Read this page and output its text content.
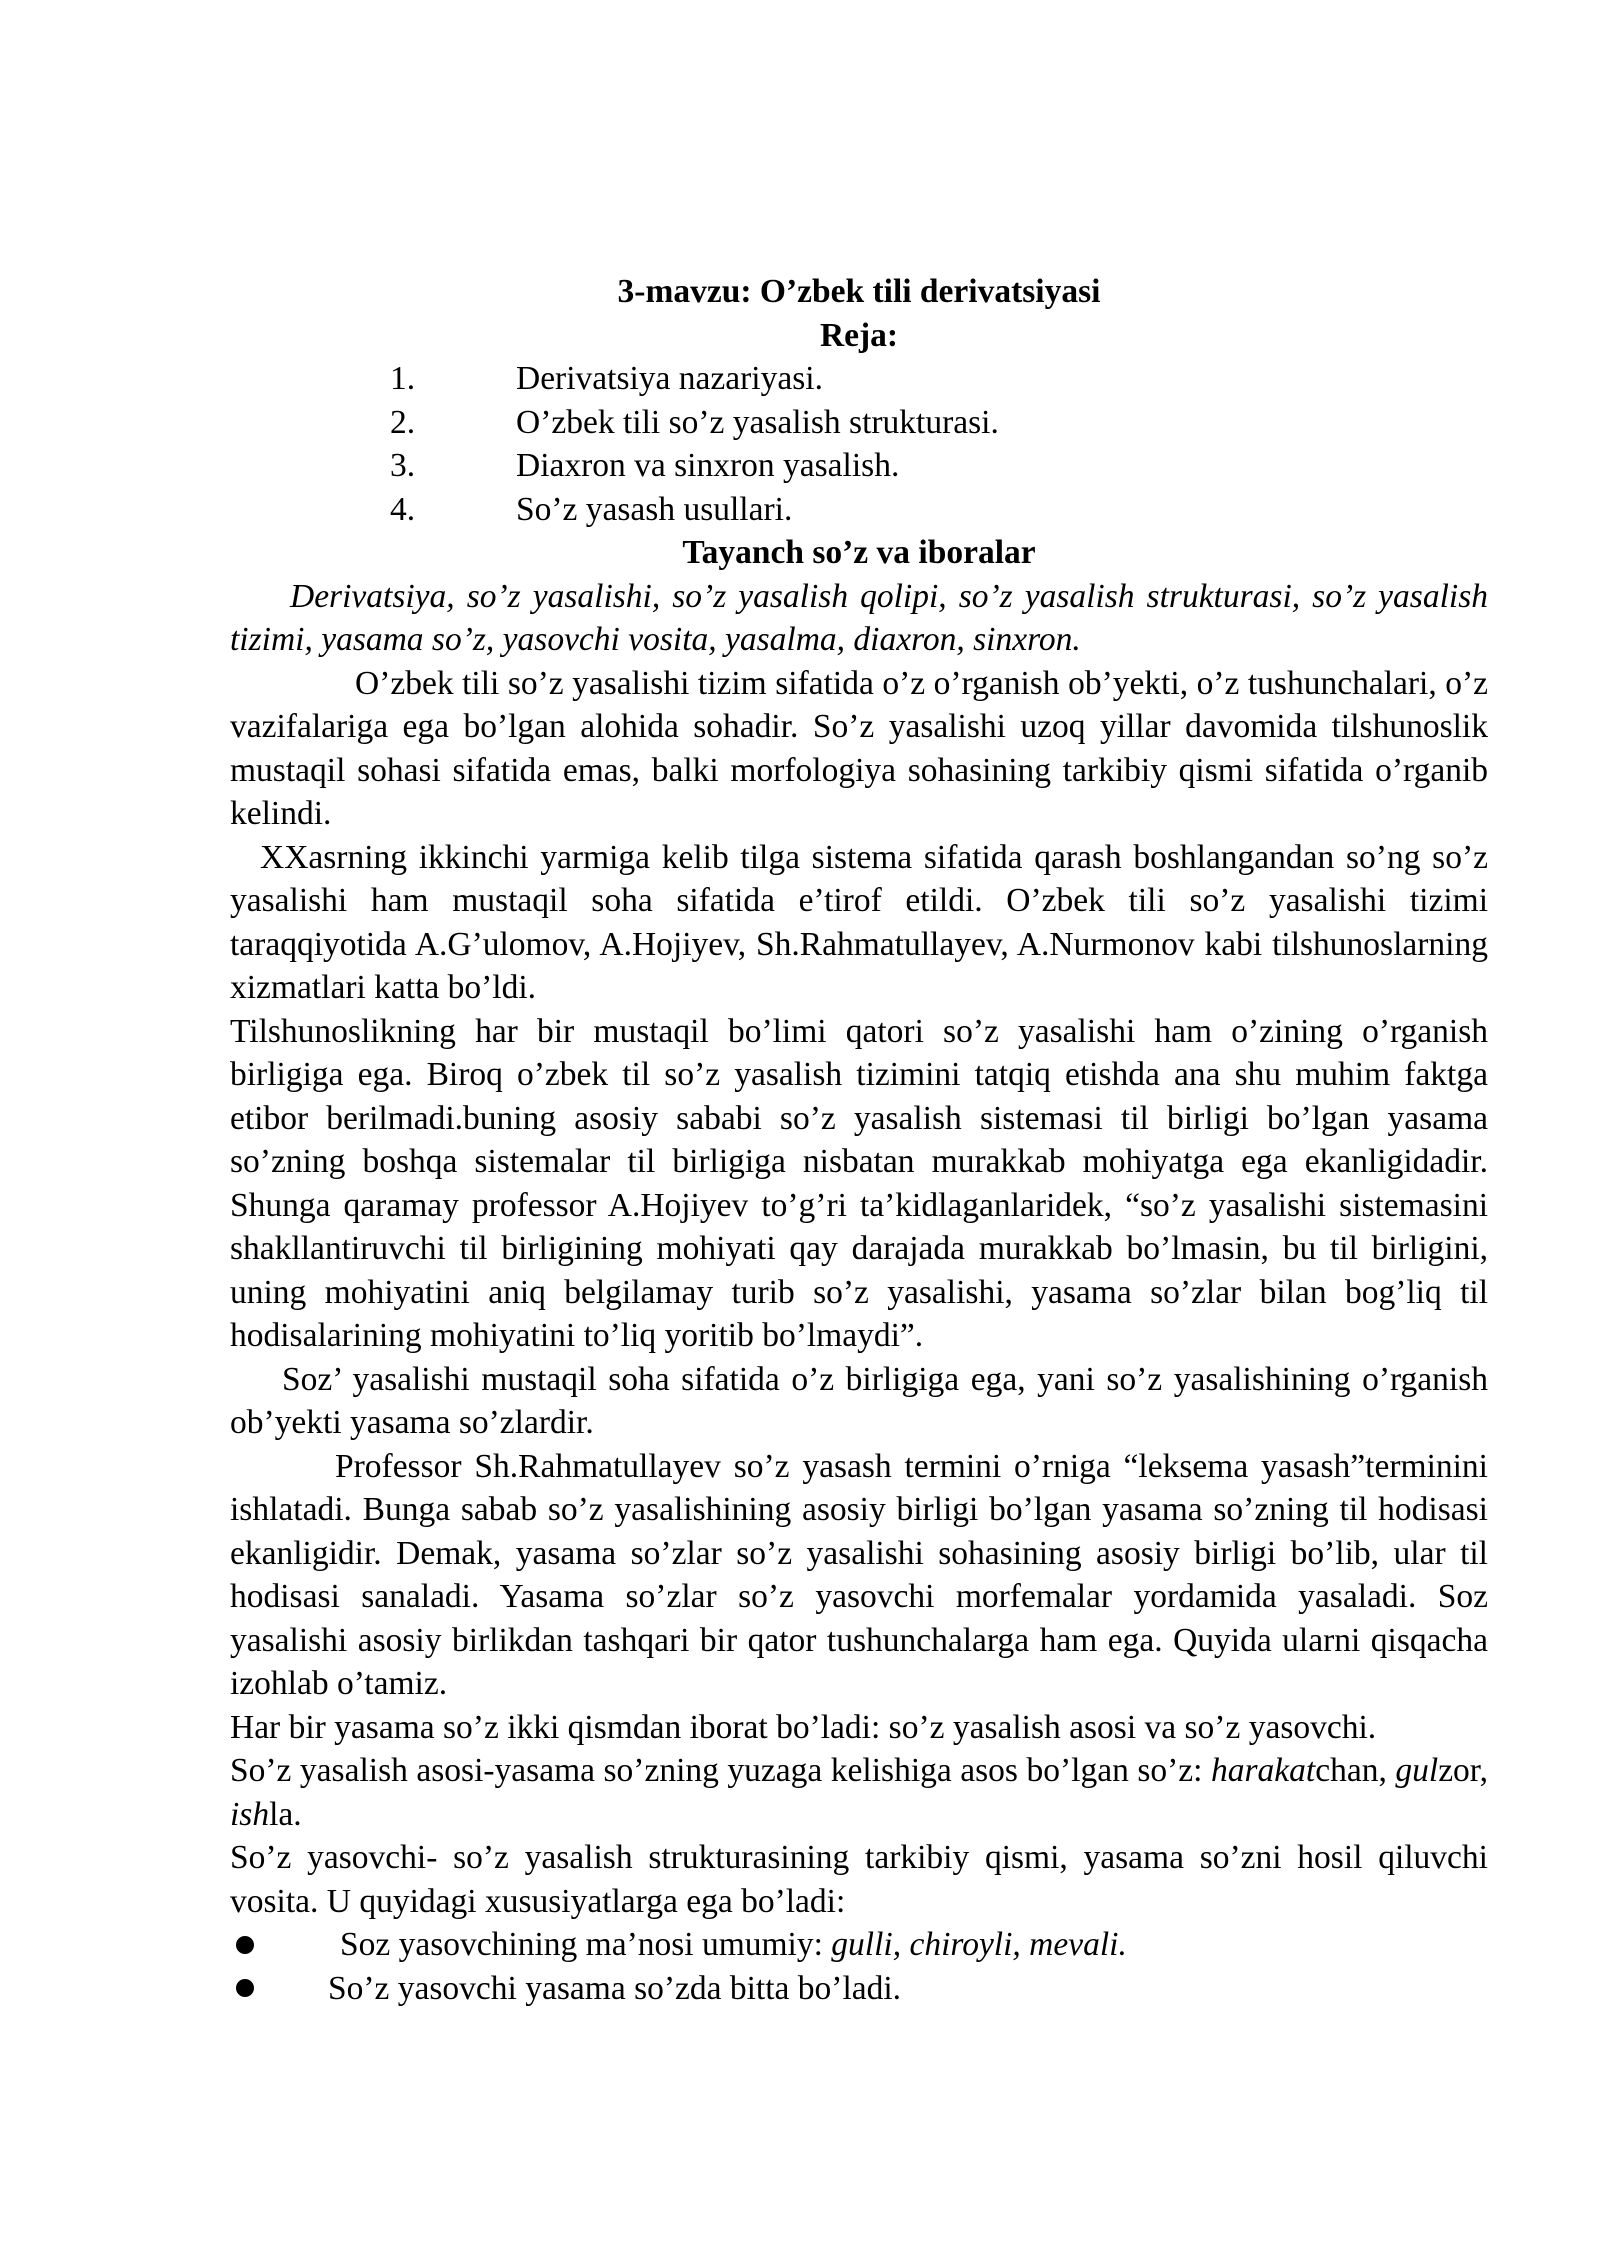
3-mavzu: O’zbek tili derivatsiyasi
Reja:
1.	Derivatsiya nazariyasi.
2.	O’zbek tili so’z yasalish strukturasi.
3.	Diaxron va sinxron yasalish.
4.	So’z yasash usullari.
Tayanch so’z va iboralar

Derivatsiya, so’z yasalishi, so’z yasalish qolipi, so’z yasalish strukturasi, so’z yasalish tizimi, yasama so’z, yasovchi vosita, yasalma, diaxron, sinxron.

O’zbek tili so’z yasalishi tizim sifatida o’z o’rganish ob’yekti, o’z tushunchalari, o’z vazifalariga ega bo’lgan alohida sohadir. So’z yasalishi uzoq yillar davomida tilshunoslik mustaqil sohasi sifatida emas, balki morfologiya sohasining tarkibiy qismi sifatida o’rganib kelindi.

XXasrning ikkinchi yarmiga kelib tilga sistema sifatida qarash boshlangandan so’ng so’z yasalishi ham mustaqil soha sifatida e’tirof etildi. O’zbek tili so’z yasalishi tizimi taraqqiyotida A.G’ulomov, A.Hojiyev, Sh.Rahmatullayev, A.Nurmonov kabi tilshunoslarning xizmatlari katta bo’ldi.

Tilshunoslikning har bir mustaqil bo’limi qatori so’z yasalishi ham o’zining o’rganish birligiga ega. Biroq o’zbek til so’z yasalish tizimini tatqiq etishda ana shu muhim faktga etibor berilmadi.buning asosiy sababi so’z yasalish sistemasi til birligi bo’lgan yasama so’zning boshqa sistemalar til birligiga nisbatan murakkab mohiyatga ega ekanligidadir. Shunga qaramay professor A.Hojiyev to’g’ri ta’kidlaganlaridek, “so’z yasalishi sistemasini shakllantiruvchi til birligining mohiyati qay darajada murakkab bo’lmasin, bu til birligini, uning mohiyatini aniq belgilamay turib so’z yasalishi, yasama so’zlar bilan bog’liq til hodisalarining mohiyatini to’liq yoritib bo’lmaydi”.

Soz’ yasalishi mustaqil soha sifatida o’z birligiga ega, yani so’z yasalishining o’rganish ob’yekti yasama so’zlardir.

Professor Sh.Rahmatullayev so’z yasash termini o’rniga “leksema yasash”terminini ishlatadi. Bunga sabab so’z yasalishining asosiy birligi bo’lgan yasama so’zning til hodisasi ekanligidir. Demak, yasama so’zlar so’z yasalishi sohasining asosiy birligi bo’lib, ular til hodisasi sanaladi. Yasama so’zlar so’z yasovchi morfemalar yordamida yasaladi. Soz yasalishi asosiy birlikdan tashqari bir qator tushunchalarga ham ega. Quyida ularni qisqacha izohlab o’tamiz.

Har bir yasama so’z ikki qismdan iborat bo’ladi: so’z yasalish asosi va so’z yasovchi.

So’z yasalish asosi-yasama so’zning yuzaga kelishiga asos bo’lgan so’z: harakatchan, gulzor, ishla.

So’z yasovchi- so’z yasalish strukturasining tarkibiy qismi, yasama so’zni hosil qiluvchi vosita. U quyidagi xususiyatlarga ega bo’ladi:

Soz yasovchining ma’nosi umumiy: gulli, chiroyli, mevali.
So’z yasovchi yasama so’zda bitta bo’ladi.
